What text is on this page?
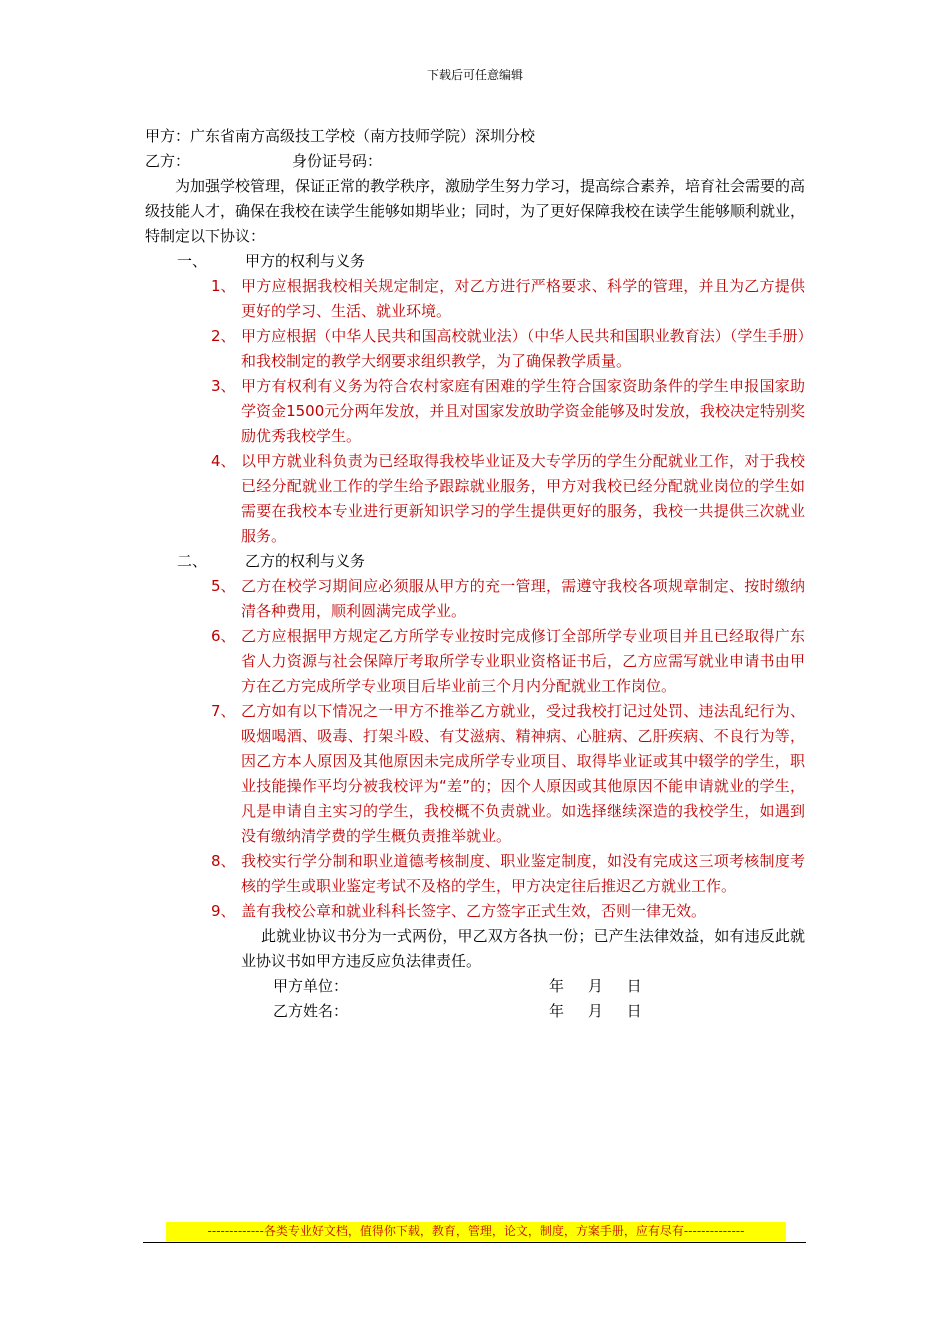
下载后可任意编辑
甲方：广东省南方高级技工学校（南方技师学院）深圳分校
乙方：	身份证号码：
为加强学校管理，保证正常的教学秩序，激励学生努力学习，提高综合素养，培育社会需要的高级技能人才，确保在我校在读学生能够如期毕业；同时，为了更好保障我校在读学生能够顺利就业，特制定以下协议：
一、	甲方的权利与义务
1、 甲方应根据我校相关规定制定，对乙方进行严格要求、科学的管理，并且为乙方提供更好的学习、生活、就业环境。
2、 甲方应根据（中华人民共和国高校就业法）（中华人民共和国职业教育法）（学生手册）和我校制定的教学大纲要求组织教学，为了确保教学质量。
3、 甲方有权利有义务为符合农村家庭有困难的学生符合国家资助条件的学生申报国家助学资金1500元分两年发放，并且对国家发放助学资金能够及时发放，我校决定特别奖励优秀我校学生。
4、 以甲方就业科负责为已经取得我校毕业证及大专学历的学生分配就业工作，对于我校已经分配就业工作的学生给予跟踪就业服务，甲方对我校已经分配就业岗位的学生如需要在我校本专业进行更新知识学习的学生提供更好的服务，我校一共提供三次就业服务。
二、	乙方的权利与义务
5、 乙方在校学习期间应必须服从甲方的充一管理，需遵守我校各项规章制定、按时缴纳清各种费用，顺利圆满完成学业。
6、 乙方应根据甲方规定乙方所学专业按时完成修订全部所学专业项目并且已经取得广东省人力资源与社会保障厅考取所学专业职业资格证书后，乙方应需写就业申请书由甲方在乙方完成所学专业项目后毕业前三个月内分配就业工作岗位。
7、 乙方如有以下情况之一甲方不推举乙方就业，受过我校打记过处罚、违法乱纪行为、吸烟喝酒、吸毒、打架斗殴、有艾滋病、精神病、心脏病、乙肝疾病、不良行为等，因乙方本人原因及其他原因未完成所学专业项目、取得毕业证或其中辍学的学生，职业技能操作平均分被我校评为“差”的；因个人原因或其他原因不能申请就业的学生，凡是申请自主实习的学生，我校概不负责就业。如选择继续深造的我校学生，如遇到没有缴纳清学费的学生概负责推举就业。
8、 我校实行学分制和职业道德考核制度、职业鉴定制度，如没有完成这三项考核制度考核的学生或职业鉴定考试不及格的学生，甲方决定往后推迟乙方就业工作。
9、 盖有我校公章和就业科科长签字、乙方签字正式生效，否则一律无效。
此就业协议书分为一式两份，甲乙双方各执一份；已产生法律效益，如有违反此就业协议书如甲方违反应负法律责任。
甲方单位：	年     月     日
乙方姓名：	年     月     日
-------------各类专业好文档，值得你下载，教育，管理，论文，制度，方案手册，应有尽有--------------
